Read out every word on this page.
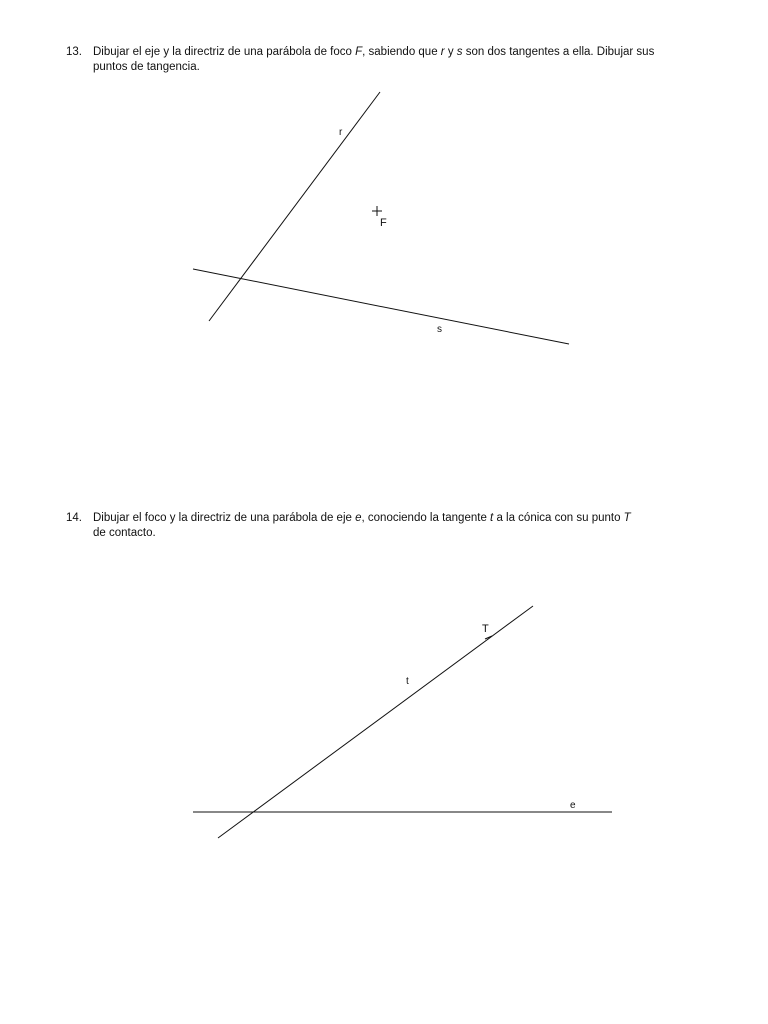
13. Dibujar el eje y la directriz de una parábola de foco F, sabiendo que r y s son dos tangentes a ella. Dibujar sus

puntos de tangencia.

14. Dibujar el foco y la directriz de una parábola de eje e, conociendo la tangente t a la cónica con su punto T

de contacto.

r
F
s
T
t
e
